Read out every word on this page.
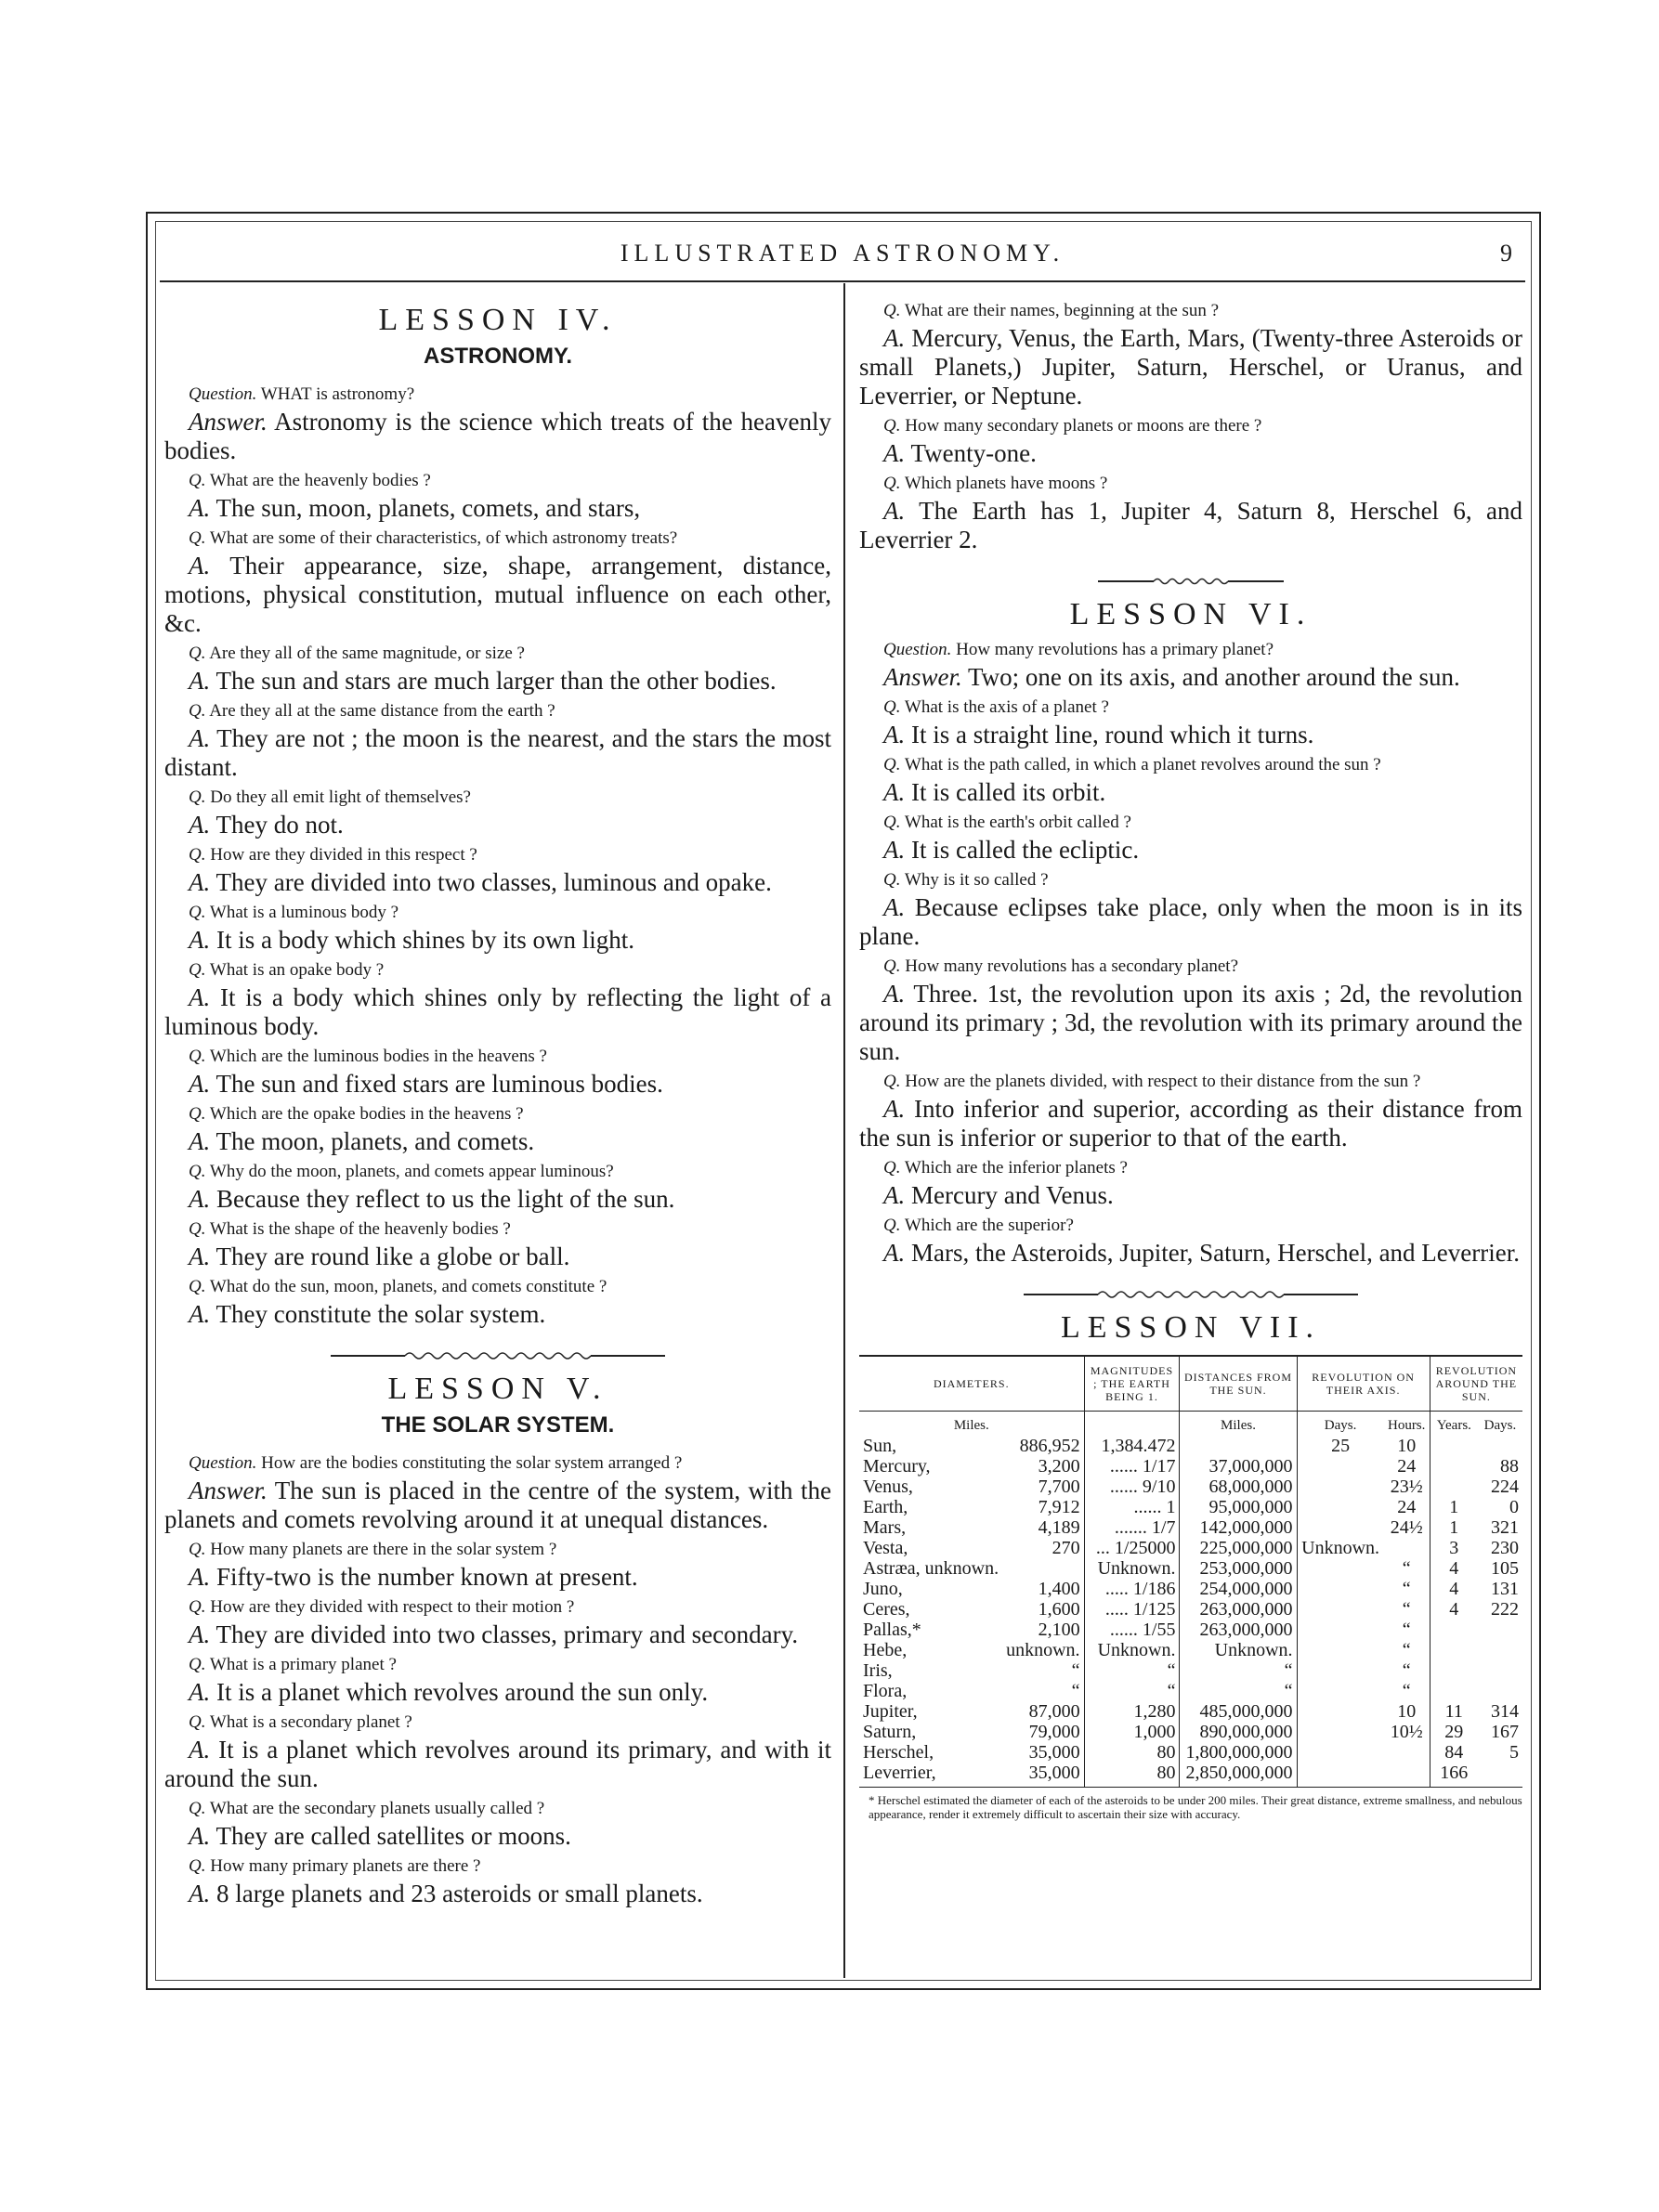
ILLUSTRATED ASTRONOMY.	9
LESSON IV.
ASTRONOMY.
Question. WHAT is astronomy?
Answer. Astronomy is the science which treats of the heavenly bodies.
Q. What are the heavenly bodies ?
A. The sun, moon, planets, comets, and stars,
Q. What are some of their characteristics, of which astronomy treats?
A. Their appearance, size, shape, arrangement, distance, motions, physical constitution, mutual influence on each other, &c.
Q. Are they all of the same magnitude, or size ?
A. The sun and stars are much larger than the other bodies.
Q. Are they all at the same distance from the earth ?
A. They are not ; the moon is the nearest, and the stars the most distant.
Q. Do they all emit light of themselves?
A. They do not.
Q. How are they divided in this respect ?
A. They are divided into two classes, luminous and opake.
Q. What is a luminous body ?
A. It is a body which shines by its own light.
Q. What is an opake body ?
A. It is a body which shines only by reflecting the light of a luminous body.
Q. Which are the luminous bodies in the heavens ?
A. The sun and fixed stars are luminous bodies.
Q. Which are the opake bodies in the heavens ?
A. The moon, planets, and comets.
Q. Why do the moon, planets, and comets appear luminous?
A. Because they reflect to us the light of the sun.
Q. What is the shape of the heavenly bodies ?
A. They are round like a globe or ball.
Q. What do the sun, moon, planets, and comets constitute ?
A. They constitute the solar system.
LESSON V.
THE SOLAR SYSTEM.
Question. How are the bodies constituting the solar system arranged ?
Answer. The sun is placed in the centre of the system, with the planets and comets revolving around it at unequal distances.
Q. How many planets are there in the solar system ?
A. Fifty-two is the number known at present.
Q. How are they divided with respect to their motion ?
A. They are divided into two classes, primary and secondary.
Q. What is a primary planet ?
A. It is a planet which revolves around the sun only.
Q. What is a secondary planet ?
A. It is a planet which revolves around its primary, and with it around the sun.
Q. What are the secondary planets usually called ?
A. They are called satellites or moons.
Q. How many primary planets are there ?
A. 8 large planets and 23 asteroids or small planets.
Q. What are their names, beginning at the sun ?
A. Mercury, Venus, the Earth, Mars, (Twenty-three Asteroids or small Planets,) Jupiter, Saturn, Herschel, or Uranus, and Leverrier, or Neptune.
Q. How many secondary planets or moons are there ?
A. Twenty-one.
Q. Which planets have moons ?
A. The Earth has 1, Jupiter 4, Saturn 8, Herschel 6, and Leverrier 2.
LESSON VI.
Question. How many revolutions has a primary planet?
Answer. Two; one on its axis, and another around the sun.
Q. What is the axis of a planet ?
A. It is a straight line, round which it turns.
Q. What is the path called, in which a planet revolves around the sun ?
A. It is called its orbit.
Q. What is the earth's orbit called ?
A. It is called the ecliptic.
Q. Why is it so called ?
A. Because eclipses take place, only when the moon is in its plane.
Q. How many revolutions has a secondary planet?
A. Three. 1st, the revolution upon its axis ; 2d, the revolution around its primary ; 3d, the revolution with its primary around the sun.
Q. How are the planets divided, with respect to their distance from the sun ?
A. Into inferior and superior, according as their distance from the sun is inferior or superior to that of the earth.
Q. Which are the inferior planets ?
A. Mercury and Venus.
Q. Which are the superior?
A. Mars, the Asteroids, Jupiter, Saturn, Herschel, and Leverrier.
LESSON VII.
DIAMETERS.		MAGNITUDES ; THE EARTH BEING 1.	DISTANCES FROM THE SUN.	REVOLUTION ON THEIR AXIS.		REVOLUTION AROUND THE SUN.	
Miles.			Miles.	Days.	Hours.	Years.	Days.
Sun,	886,952	1,384.472		25	10		
Mercury,	3,200	...... 1/17	37,000,000		24		88
Venus,	7,700	...... 9/10	68,000,000		23½		224
Earth,	7,912	...... 1	95,000,000		24	1	0
Mars,	4,189	....... 1/7	142,000,000		24½	1	321
Vesta,	270	... 1/25000	225,000,000	Unknown.		3	230
Astræa, unknown.		Unknown.	253,000,000		“	4	105
Juno,	1,400	..... 1/186	254,000,000		“	4	131
Ceres,	1,600	..... 1/125	263,000,000		“	4	222
Pallas,*	2,100	...... 1/55	263,000,000		“		
Hebe,	unknown.	Unknown.	Unknown.		“		
Iris,	“	“	“		“		
Flora,	“	“	“		“		
Jupiter,	87,000	1,280	485,000,000		10	11	314
Saturn,	79,000	1,000	890,000,000		10½	29	167
Herschel,	35,000	80	1,800,000,000			84	5
Leverrier,	35,000	80	2,850,000,000			166	
* Herschel estimated the diameter of each of the asteroids to be under 200 miles. Their great distance, extreme smallness, and nebulous appearance, render it extremely difficult to ascertain their size with accuracy.
